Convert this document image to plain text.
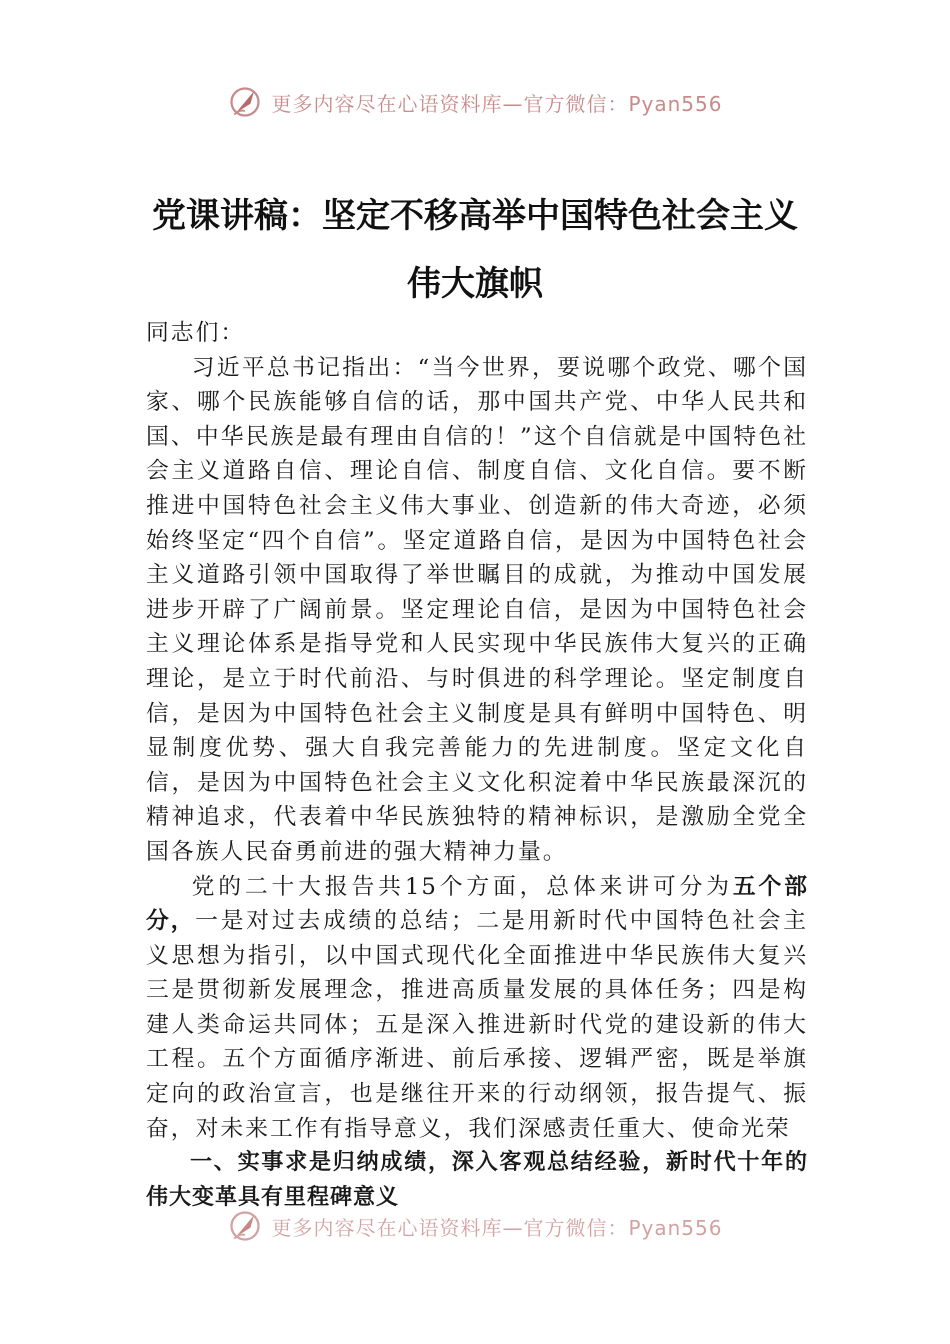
更多内容尽在心语资料库—官方微信：Pyan556
党课讲稿：坚定不移高举中国特色社会主义伟大旗帜

同志们：

习近平总书记指出：“当今世界，要说哪个政党、哪个国家、哪个民族能够自信的话，那中国共产党、中华人民共和国、中华民族是最有理由自信的！”这个自信就是中国特色社会主义道路自信、理论自信、制度自信、文化自信。要不断推进中国特色社会主义伟大事业、创造新的伟大奇迹，必须始终坚定“四个自信”。坚定道路自信，是因为中国特色社会主义道路引领中国取得了举世瞩目的成就，为推动中国发展进步开辟了广阔前景。坚定理论自信，是因为中国特色社会主义理论体系是指导党和人民实现中华民族伟大复兴的正确理论，是立于时代前沿、与时俱进的科学理论。坚定制度自信，是因为中国特色社会主义制度是具有鲜明中国特色、明显制度优势、强大自我完善能力的先进制度。坚定文化自信，是因为中国特色社会主义文化积淀着中华民族最深沉的精神追求，代表着中华民族独特的精神标识，是激励全党全国各族人民奋勇前进的强大精神力量。

党的二十大报告共15个方面，总体来讲可分为五个部分，一是对过去成绩的总结；二是用新时代中国特色社会主义思想为指引，以中国式现代化全面推进中华民族伟大复兴三是贯彻新发展理念，推进高质量发展的具体任务；四是构建人类命运共同体；五是深入推进新时代党的建设新的伟大工程。五个方面循序渐进、前后承接、逻辑严密，既是举旗定向的政治宣言，也是继往开来的行动纲领，报告提气、振奋，对未来工作有指导意义，我们深感责任重大、使命光荣

一、实事求是归纳成绩，深入客观总结经验，新时代十年的伟大变革具有里程碑意义

更多内容尽在心语资料库—官方微信：Pyan556
